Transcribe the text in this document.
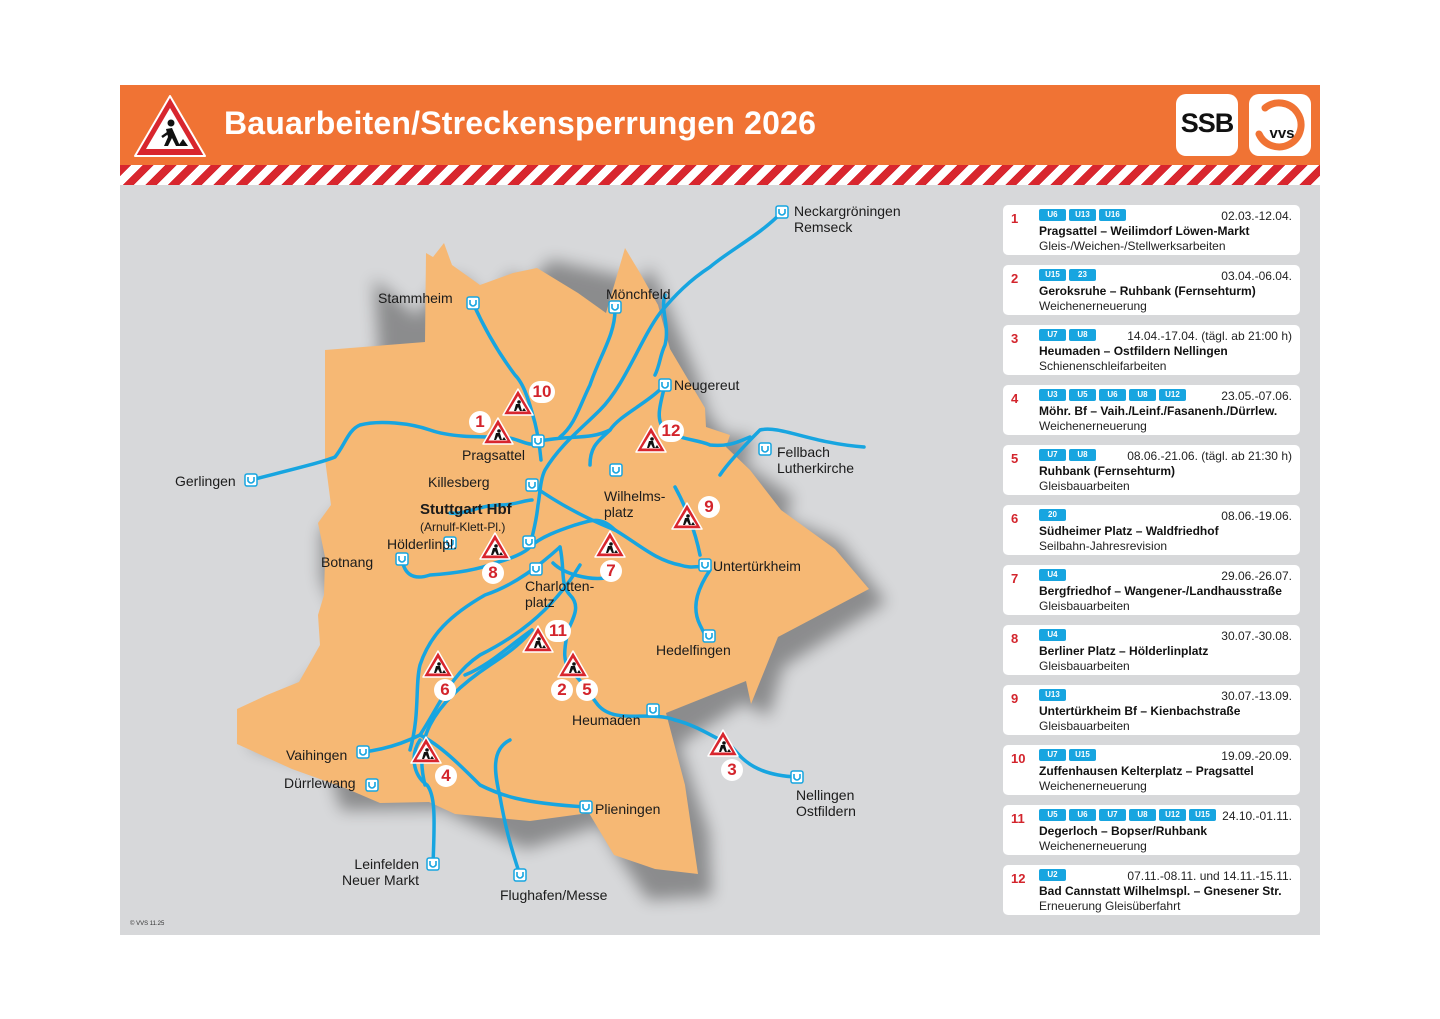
Bauarbeiten/Streckensperrungen 2026	SSB	vvs
Neckargröningen
Remseck
Stammheim	Mönchfeld
Neugereut
Fellbach
Lutherkirche
Gerlingen
Pragsattel
Killesberg
Stuttgart Hbf
(Arnulf-Klett-Pl.)
Wilhelms-
platz
Hölderlinpl.
Botnang
Charlotten-
platz
Untertürkheim
Hedelfingen
Heumaden
Vaihingen
Dürrlewang
Nellingen
Ostfildern
Plieningen
Leinfelden
Neuer Markt
Flughafen/Messe
1
2
3
4
5
6
7
8
9
10
11
12
© VVS 11.25
1	U6 U13 U16	02.03.-12.04.
Pragsattel – Weilimdorf Löwen-Markt
Gleis-/Weichen-/Stellwerksarbeiten
2	U15 23	03.04.-06.04.
Geroksruhe – Ruhbank (Fernsehturm)
Weichenerneuerung
3	U7 U8	14.04.-17.04. (tägl. ab 21:00 h)
Heumaden – Ostfildern Nellingen
Schienenschleifarbeiten
4	U3 U5 U6 U8 U12	23.05.-07.06.
Möhr. Bf – Vaih./Leinf./Fasanenh./Dürrlew.
Weichenerneuerung
5	U7 U8	08.06.-21.06. (tägl. ab 21:30 h)
Ruhbank (Fernsehturm)
Gleisbauarbeiten
6	20	08.06.-19.06.
Südheimer Platz – Waldfriedhof
Seilbahn-Jahresrevision
7	U4	29.06.-26.07.
Bergfriedhof – Wangener-/Landhausstraße
Gleisbauarbeiten
8	U4	30.07.-30.08.
Berliner Platz – Hölderlinplatz
Gleisbauarbeiten
9	U13	30.07.-13.09.
Untertürkheim Bf – Kienbachstraße
Gleisbauarbeiten
10	U7 U15	19.09.-20.09.
Zuffenhausen Kelterplatz – Pragsattel
Weichenerneuerung
11	U5 U6 U7 U8 U12 U15	24.10.-01.11.
Degerloch – Bopser/Ruhbank
Weichenerneuerung
12	U2	07.11.-08.11. und 14.11.-15.11.
Bad Cannstatt Wilhelmspl. – Gnesener Str.
Erneuerung Gleisüberfahrt
